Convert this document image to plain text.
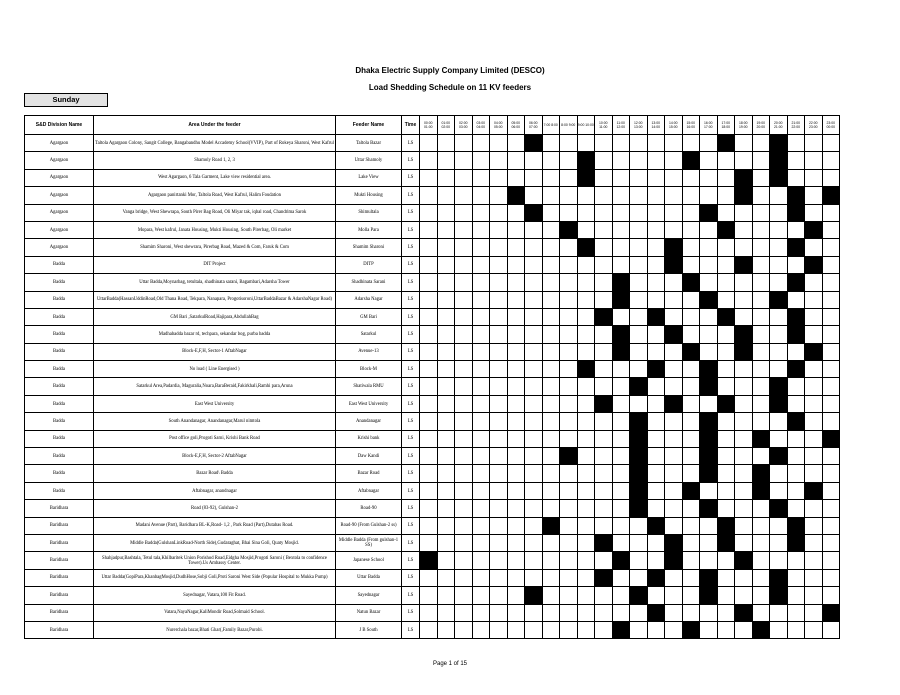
Dhaka Electric Supply Company Limited (DESCO)
Load Shedding Schedule on 11 KV feeders
Sunday
S&D Division Name	Area Under the feeder	Feeder Name	Time	00:00 01:00	01:00 02:00	02:00 03:00	03:00 04:00	04:00 05:00	05:00 06:00	06:00 07:00	7:00 8:00	8:00 9:00	9:00 10:00	10:00 11:00	11:00 12:00	12:00 13:00	13:00 14:00	14:00 15:00	15:00 16:00	16:00 17:00	17:00 18:00	18:00 19:00	19:00 20:00	20:00 21:00	21:00 22:00	22:00 23:00	23:00 00:00
Agargaon	Taltola Agargaon Colony, Sangit College, Bangabandhu Model Accademy School(VVIP), Part of Rokeya Sharoni, West Kafrul	Taltola Bazar	LS																								
Agargaon	Shamoly Road 1, 2, 3	Uttar Shamoly	LS																								
Agargaon	West Agargaon, 6 Tala Garment, Lake view residential area.	Lake View	LS																								
Agargaon	Agargaon panirtanki Mor, Taltola Road, West Kafrul, Halim Foudation	Mukti Housing	LS																								
Agargaon	Vanga bridge, West Shewrapa, South Pirer Bag Road, Oli Miyar tak, iqbal road, Chandrima Sarok	Shimultala	LS																								
Agargaon	Mopara, West kafrul, Janata Housing, Mukti Housing, South Pirerbag, Oli market	Molla Para	LS																								
Agargaon	Shamim Sharoni, West shewrara, Pirerbag Road, Mazed & Com, Faruk & Com	Shamim Sharoni	LS																								
Badda	DIT Project	DITP	LS																								
Badda	Uttar Badda,Moynarbag, tetultala, shadhinata sarani, Bagambari,Adarsha Tower	Shadhinata Sarani	LS																								
Badda	UttarBadda(HassanUddinRoad,Old Thana Road, Tekpara, Nanapara, Progotisoroni,UttarBaddaBazar & AdarshaNagar Road)	Adarsha Nagar	LS																								
Badda	GM Bari ,SatarkulRoad,Hajipara,AbdullahBag	GM Bari	LS																								
Badda	Madhabadda bazar rd, techpara, sekandar bog, purba badda	Satarkul	LS																								
Badda	Block-E,F,H, Sector-1 AftabNagar	Avenue-13	LS																								
Badda	No load ( Line Energised )	Block-M	LS																								
Badda	Satarkul Area,Padardia, Maguralia,Noara,BaraBeraid,Fakirkhali,Ramhi para,Aruna	Shatiwala RMU	LS																								
Badda	East West University	East West University	LS																								
Badda	South Anandanagar, Anandanagar,Marul nimtola	Anandanagar	LS																								
Badda	Post office goli,Progoti Sarni, Krishi Bank Road	Krishi bank	LS																								
Badda	Block-E,F,H, Sector-2 AftabNagar	Daw Kandi	LS																								
Badda	Bazar Road\ Badda	Bazar Road	LS																								
Badda	Aftabnagar, anandnagar	Aftabnagar	LS																								
Baridhara	Road (83-92), Gulshan-2	Road-90	LS																								
Baridhara	Madani Avenue (Part), Baridhara BL-K,Road- 1,2 , Park Road (Part),Dutabas Road.	Road-90 (From Gulshan-2 ss)	LS																								
Baridhara	Middle Badda(GulshanLinkRoad-North Side),Gudaraghat, Bhai Sina Goli, Quaty Mosjid.	Middle Badda (From gulshan-1 SS)	LS																								
Baridhara	Shahjadpur,Bashtala, Tetul tala,Khilbaritek Union Porishod Road,Eidgha Mosjid,Progoti Saroni ( Bextola to confidence Tower).Us Ambassy Center.	Japanese School	LS																								
Baridhara	Uttar Badda(GopiPara,KhanbagMosjid,DudhHose,Sobji Goli,Proti Saroni West Side (Popular Hospital to Mukka Pump)	Uttar Badda	LS																								
Baridhara	Sayednagar, Vatara,100 Fit Road.	Sayednagar	LS																								
Baridhara	Vatara,NayaNagar,KaliMondir Road,Solmaid School.	Natun Bazar	LS																								
Baridhara	Nurerchala bazar,Bhati Ghar(,Family Bazar,Purobi.	J B South	LS																								
Page 1 of 15
